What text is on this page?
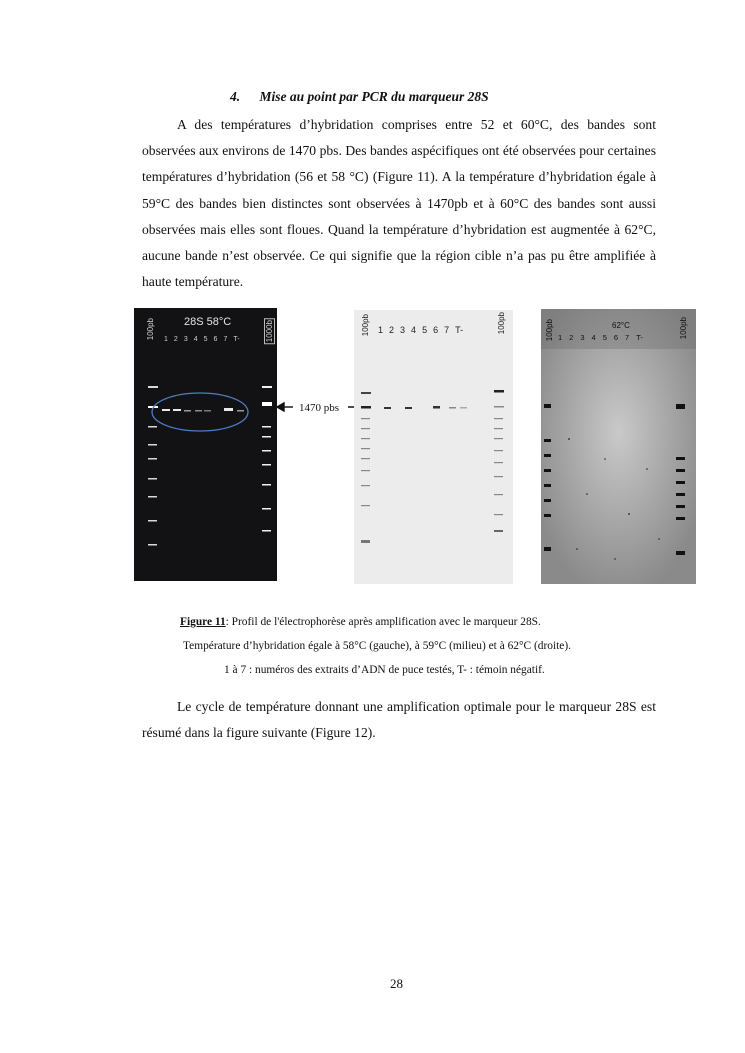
4. Mise au point par PCR du marqueur 28S

A des températures d’hybridation comprises entre 52 et 60°C, des bandes sont observées aux environs de 1470 pbs. Des bandes aspécifiques ont été observées pour certaines températures d’hybridation (56 et 58 °C) (Figure 11). A la température d’hybridation égale à 59°C des bandes bien distinctes sont observées à 1470pb et à 60°C des bandes sont aussi observées mais elles sont floues. Quand la température d’hybridation est augmentée à 62°C, aucune bande n’est observée. Ce qui signifie que la région cible n’a pas pu être amplifiée à haute température.

28S 58°C
100pb	1000b
1 2 3 4 5 6 7 T-
1470 pbs
100pb	100pb
1 2 3 4 5 6 7 T-	62°C
100pb	100pb
1 2 3 4 5 6 7 T-
Figure 11: Profil de l'électrophorèse après amplification avec le marqueur 28S.
Température d’hybridation égale à 58°C (gauche), à 59°C (milieu) et à 62°C (droite).
1 à 7 : numéros des extraits d’ADN de puce testés, T- : témoin négatif.

Le cycle de température donnant une amplification optimale pour le marqueur 28S est résumé dans la figure suivante (Figure 12).

28
